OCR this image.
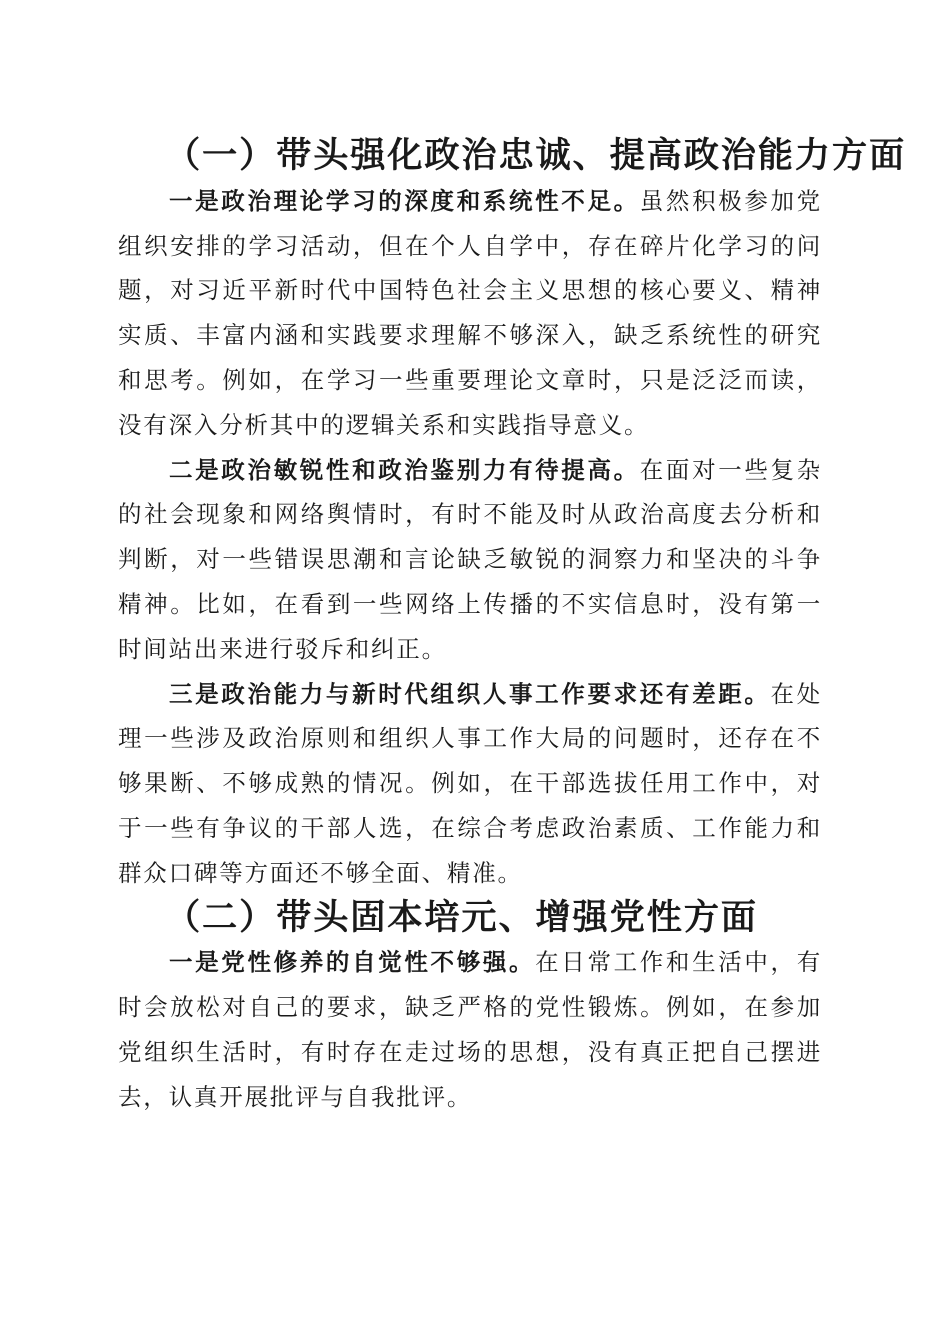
（一）带头强化政治忠诚、提高政治能力方面

一是政治理论学习的深度和系统性不足。虽然积极参加党组织安排的学习活动，但在个人自学中，存在碎片化学习的问题，对习近平新时代中国特色社会主义思想的核心要义、精神实质、丰富内涵和实践要求理解不够深入，缺乏系统性的研究和思考。例如，在学习一些重要理论文章时，只是泛泛而读，没有深入分析其中的逻辑关系和实践指导意义。

二是政治敏锐性和政治鉴别力有待提高。在面对一些复杂的社会现象和网络舆情时，有时不能及时从政治高度去分析和判断，对一些错误思潮和言论缺乏敏锐的洞察力和坚决的斗争精神。比如，在看到一些网络上传播的不实信息时，没有第一时间站出来进行驳斥和纠正。

三是政治能力与新时代组织人事工作要求还有差距。在处理一些涉及政治原则和组织人事工作大局的问题时，还存在不够果断、不够成熟的情况。例如，在干部选拔任用工作中，对于一些有争议的干部人选，在综合考虑政治素质、工作能力和群众口碑等方面还不够全面、精准。

（二）带头固本培元、增强党性方面

一是党性修养的自觉性不够强。在日常工作和生活中，有时会放松对自己的要求，缺乏严格的党性锻炼。例如，在参加党组织生活时，有时存在走过场的思想，没有真正把自己摆进去，认真开展批评与自我批评。
